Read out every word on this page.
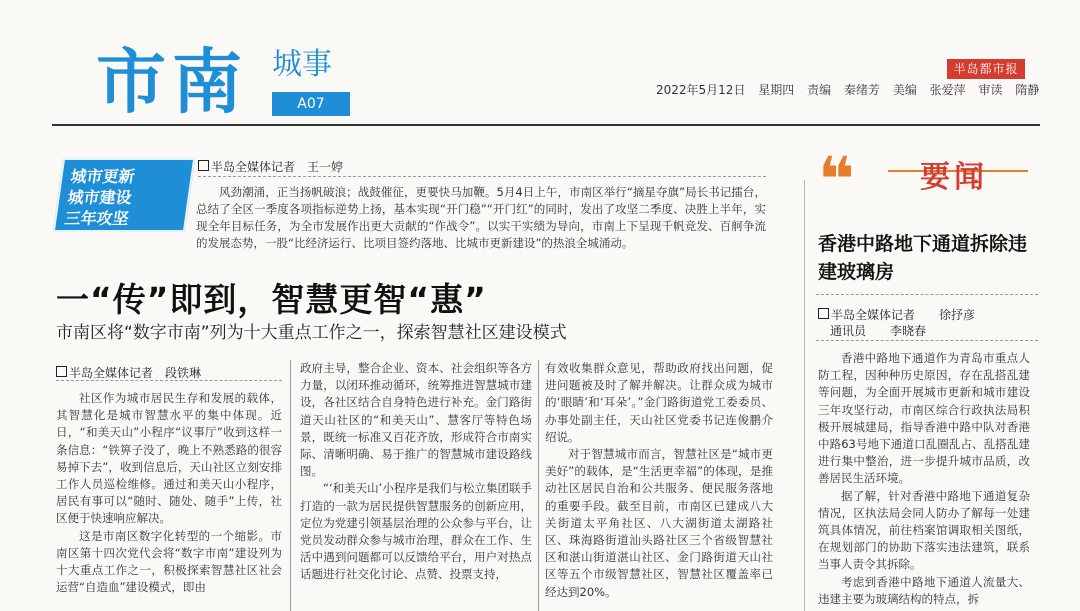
市南 城事
A07
半岛都市报
2022年5月12日 星期四 责编 秦绪芳 美编 张爱萍 审读 隋静
城市更新
城市建设
三年攻坚
半岛全媒体记者　王一婷
风劲潮涌，正当扬帆破浪；战鼓催征，更要快马加鞭。5月4日上午，市南区举行“摘星夺旗”局长书记擂台，总结了全区一季度各项指标逆势上扬，基本实现“开门稳”“开门红”的同时，发出了攻坚二季度、决胜上半年，实现全年目标任务，为全市发展作出更大贡献的“作战令”。以实干实绩为导向，市南上下呈现千帆竞发、百舸争流的发展态势，一股“比经济运行、比项目签约落地、比城市更新建设”的热浪全城涌动。
一“传”即到，智慧更智“惠”
市南区将“数字市南”列为十大重点工作之一，探索智慧社区建设模式
半岛全媒体记者　段铁琳

社区作为城市居民生存和发展的载体，其智慧化是城市智慧水平的集中体现。近日，“和美天山”小程序“议事厅”收到这样一条信息：“铁箅子没了，晚上不熟悉路的很容易掉下去”，收到信息后，天山社区立刻安排工作人员巡检维修。通过和美天山小程序，居民有事可以“随时、随处、随手”上传，社区便于快速响应解决。

这是市南区数字化转型的一个缩影。市南区第十四次党代会将“数字市南”建设列为十大重点工作之一，积极探索智慧社区社会运营“自造血”建设模式，即由

政府主导，整合企业、资本、社会组织等各方力量，以闭环推动循环，统筹推进智慧城市建设，各社区结合自身特色进行补充。金门路街道天山社区的“和美天山”、慧客厅等特色场景，既统一标准又百花齐放，形成符合市南实际、清晰明确、易于推广的智慧城市建设路线图。

“‘和美天山’小程序是我们与松立集团联手打造的一款为居民提供智慧服务的创新应用，定位为党建引领基层治理的公众参与平台，让党员发动群众参与城市治理，群众在工作、生活中遇到问题都可以反馈给平台，用户对热点话题进行社交化讨论、点赞、投票支持，

有效收集群众意见，帮助政府找出问题，促进问题被及时了解并解决。让群众成为城市的‘眼睛’和‘耳朵’。”金门路街道党工委委员、办事处副主任，天山社区党委书记连俊鹏介绍说。

对于智慧城市而言，智慧社区是“城市更美好”的载体，是“生活更幸福”的体现，是推动社区居民自治和公共服务、便民服务落地的重要手段。截至目前，市南区已建成八大关街道太平角社区、八大湖街道太湖路社区、珠海路街道汕头路社区三个省级智慧社区和湛山街道湛山社区、金门路街道天山社区等五个市级智慧社区，智慧社区覆盖率已经达到20%。

❝ 要闻
香港中路地下通道拆除违建玻璃房
半岛全媒体记者　　徐抒彦
通讯员　　李晓春

香港中路地下通道作为青岛市重点人防工程，因种种历史原因，存在乱搭乱建等问题，为全面开展城市更新和城市建设三年攻坚行动，市南区综合行政执法局积极开展城建局，指导香港中路中队对香港中路63号地下通道口乱圈乱占、乱搭乱建进行集中整治，进一步提升城市品质，改善居民生活环境。

据了解，针对香港中路地下通道复杂情况，区执法局会同人防办了解每一处建筑具体情况，前往档案馆调取相关图纸，在规划部门的协助下落实违法建筑，联系当事人责令其拆除。

考虑到香港中路地下通道人流量大、违建主要为玻璃结构的特点，拆
